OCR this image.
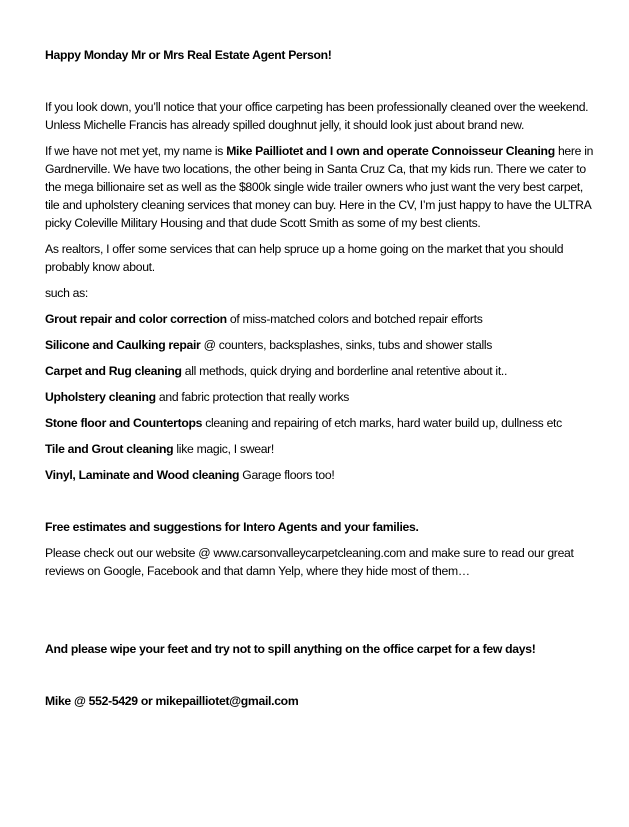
Happy Monday Mr or Mrs Real Estate Agent Person!

If you look down, you’ll notice that your office carpeting has been professionally cleaned over the weekend. Unless Michelle Francis has already spilled doughnut jelly, it should look just about brand new.

If we have not met yet, my name is Mike Pailliotet and I own and operate Connoisseur Cleaning here in Gardnerville. We have two locations, the other being in Santa Cruz Ca, that my kids run. There we cater to the mega billionaire set as well as the $800k single wide trailer owners who just want the very best carpet, tile and upholstery cleaning services that money can buy. Here in the CV, I’m just happy to have the ULTRA picky Coleville Military Housing and that dude Scott Smith as some of my best clients.

As realtors, I offer some services that can help spruce up a home going on the market that you should probably know about.

such as:

Grout repair and color correction of miss-matched colors and botched repair efforts

Silicone and Caulking repair @ counters, backsplashes, sinks, tubs and shower stalls

Carpet and Rug cleaning all methods, quick drying and borderline anal retentive about it..

Upholstery cleaning and fabric protection that really works

Stone floor and Countertops cleaning and repairing of etch marks, hard water build up, dullness etc

Tile and Grout cleaning like magic, I swear!

Vinyl, Laminate and Wood cleaning Garage floors too!

Free estimates and suggestions for Intero Agents and your families.

Please check out our website @ www.carsonvalleycarpetcleaning.com and make sure to read our great reviews on Google, Facebook and that damn Yelp, where they hide most of them…

And please wipe your feet and try not to spill anything on the office carpet for a few days!

Mike @ 552-5429 or mikepailliotet@gmail.com
